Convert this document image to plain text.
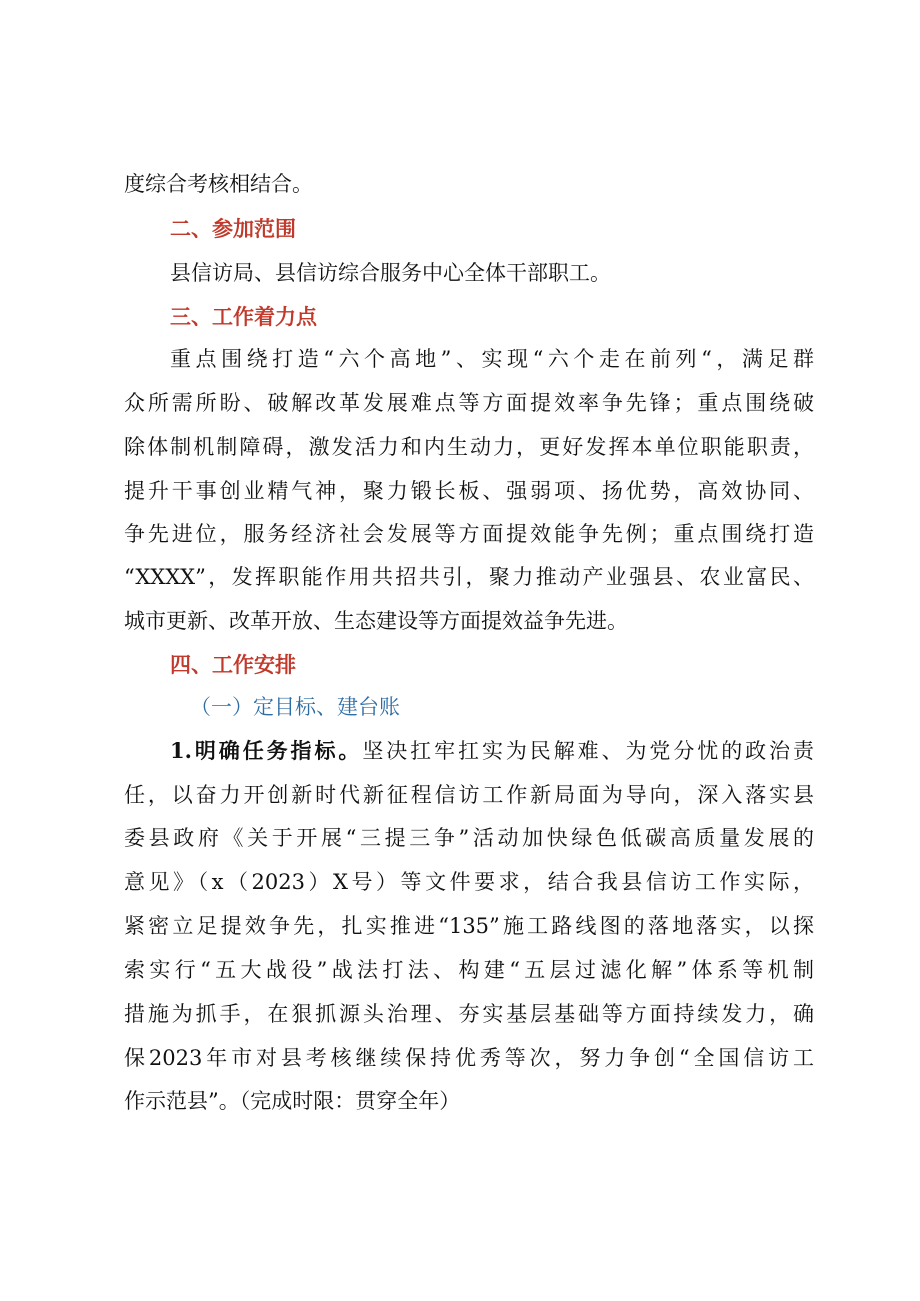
度综合考核相结合。
二、参加范围
县信访局、县信访综合服务中心全体干部职工。
三、工作着力点
重点围绕打造“六个高地”、实现“六个走在前列“，满足群
众所需所盼、破解改革发展难点等方面提效率争先锋；重点围绕破
除体制机制障碍，激发活力和内生动力，更好发挥本单位职能职责，
提升干事创业精气神，聚力锻长板、强弱项、扬优势，高效协同、
争先进位，服务经济社会发展等方面提效能争先例；重点围绕打造
“XXXX”，发挥职能作用共招共引，聚力推动产业强县、农业富民、
城市更新、改革开放、生态建设等方面提效益争先进。
四、工作安排
（一）定目标、建台账
1.明确任务指标。坚决扛牢扛实为民解难、为党分忧的政治责
任，以奋力开创新时代新征程信访工作新局面为导向，深入落实县
委县政府《关于开展“三提三争”活动加快绿色低碳高质量发展的
意见》（x（2023）X号）等文件要求，结合我县信访工作实际，
紧密立足提效争先，扎实推进“135”施工路线图的落地落实，以探
索实行“五大战役”战法打法、构建“五层过滤化解”体系等机制
措施为抓手，在狠抓源头治理、夯实基层基础等方面持续发力，确
保2023年市对县考核继续保持优秀等次，努力争创“全国信访工
作示范县”。（完成时限：贯穿全年）
